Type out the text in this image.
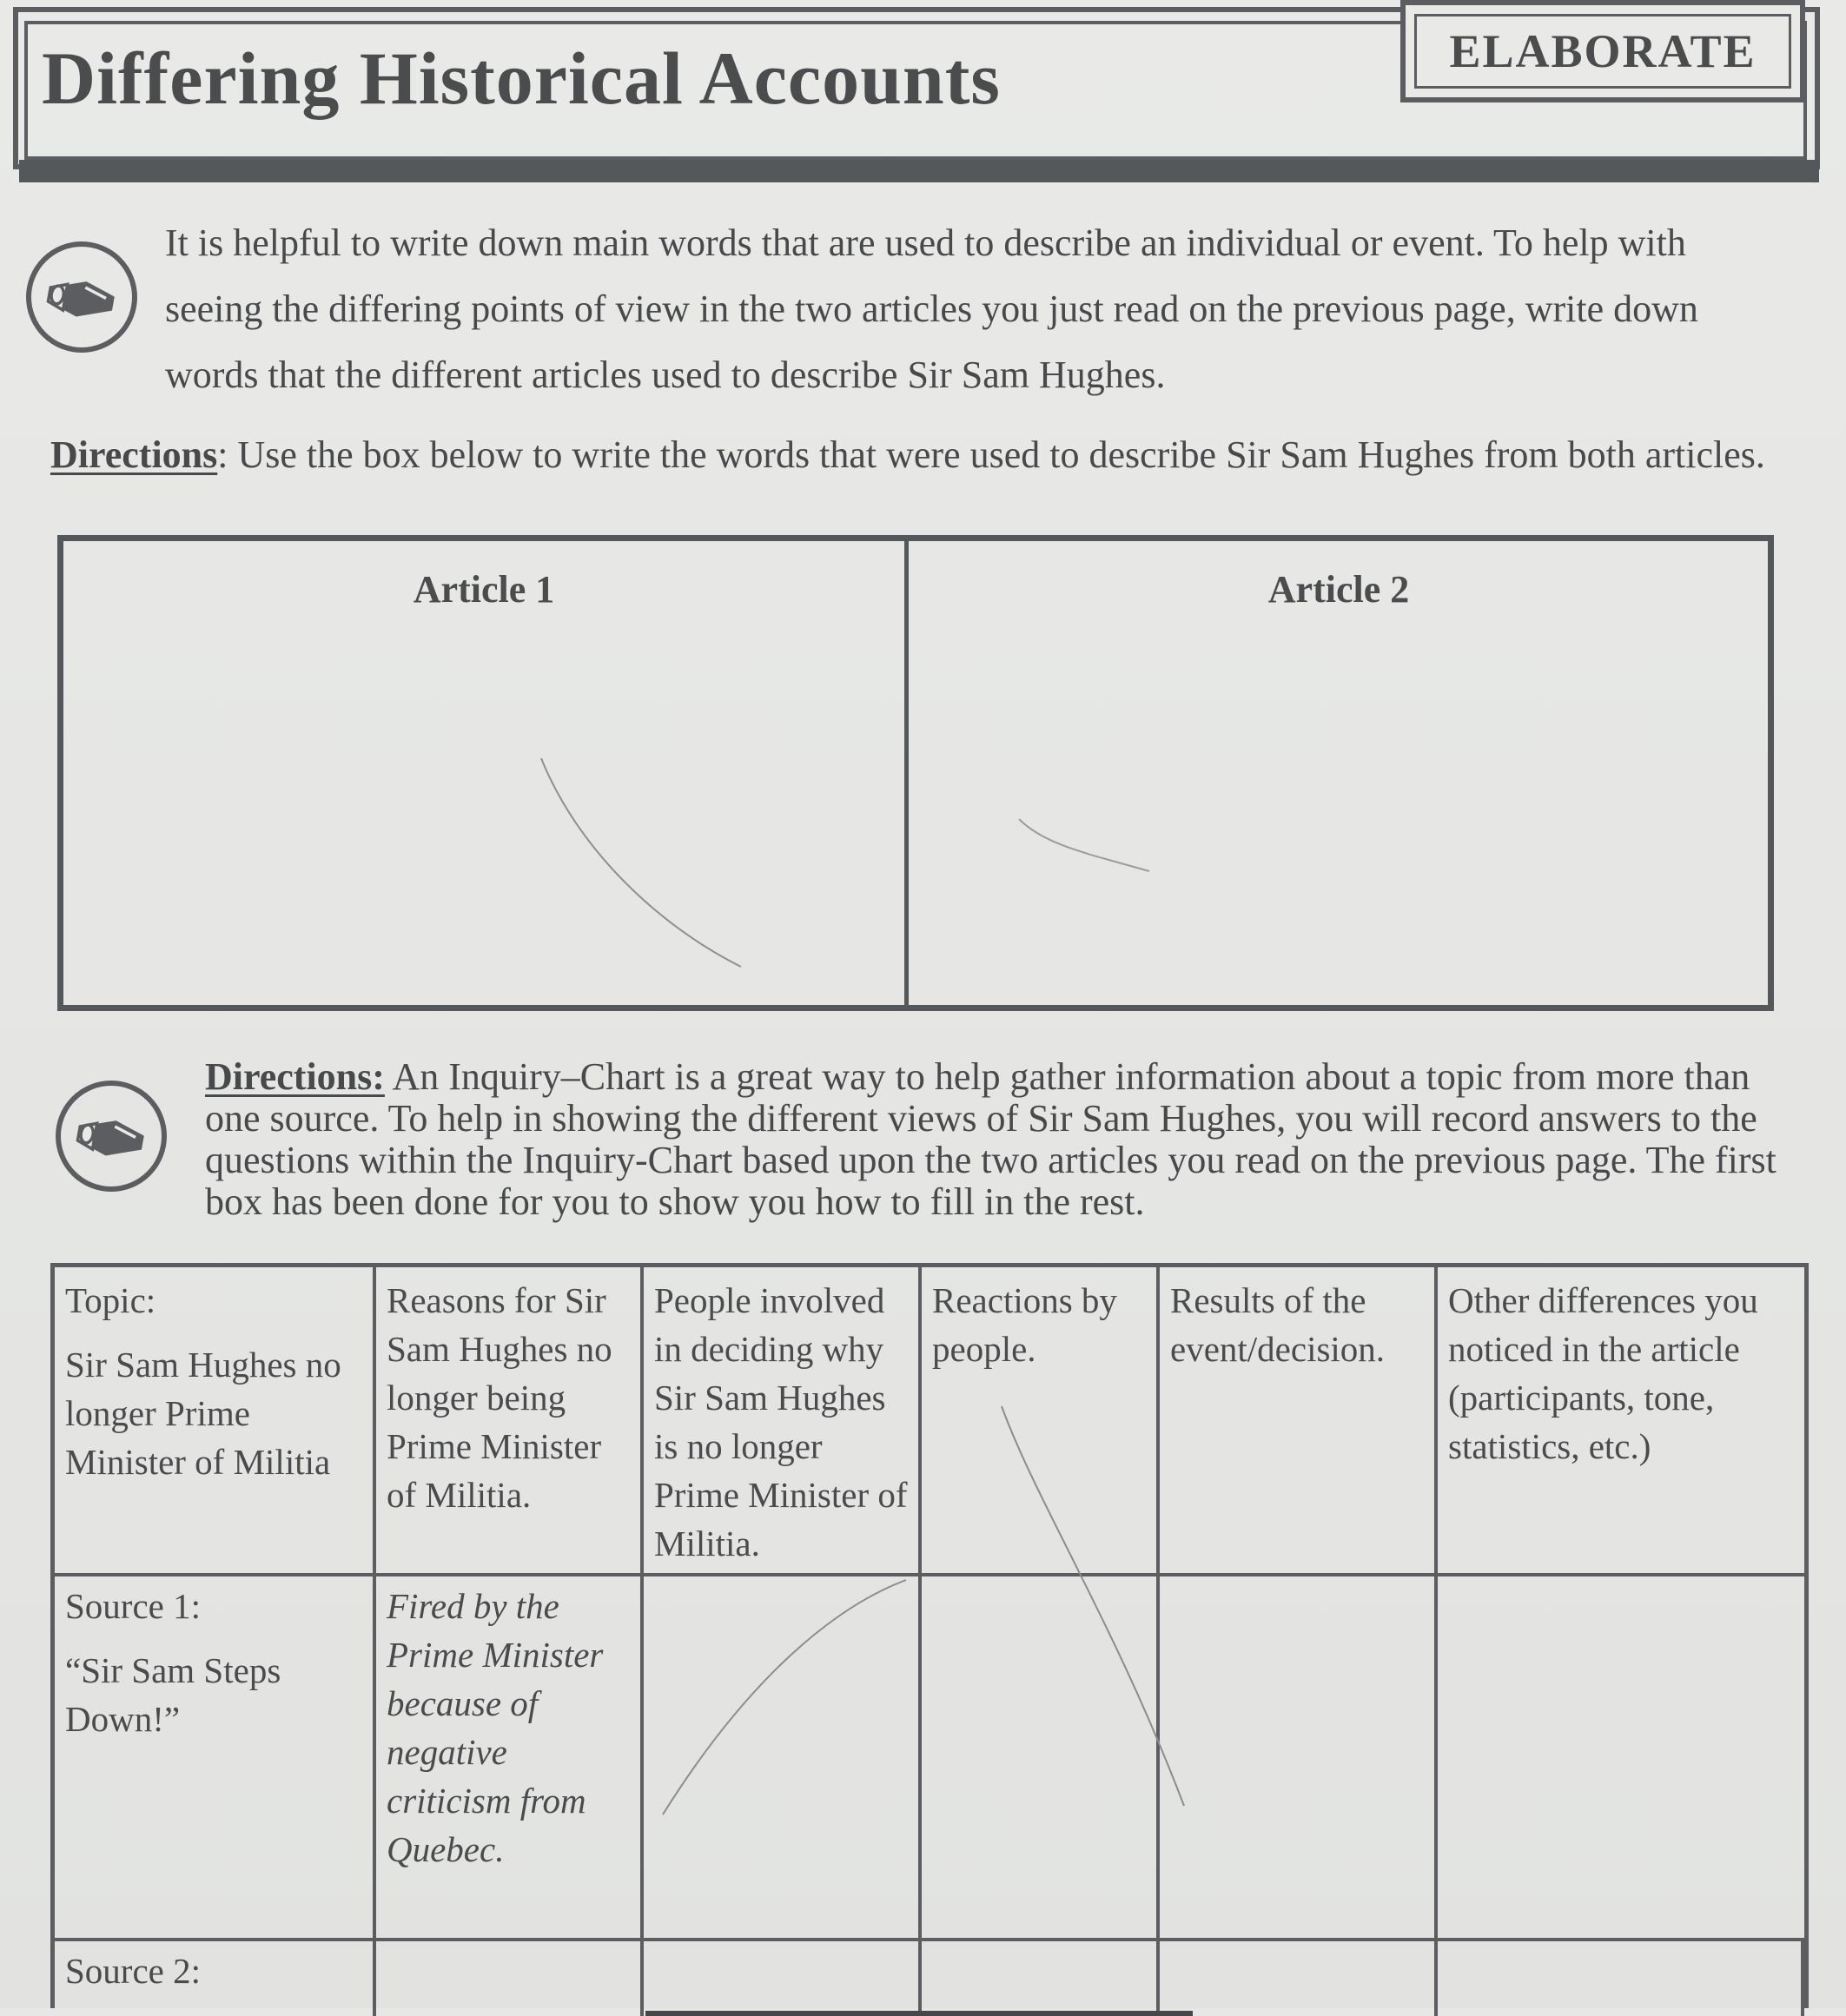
Differing Historical Accounts	ELABORATE
It is helpful to write down main words that are used to describe an individual or event. To help with seeing the differing points of view in the two articles you just read on the previous page, write down words that the different articles used to describe Sir Sam Hughes.
Directions: Use the box below to write the words that were used to describe Sir Sam Hughes from both articles.
Article 1	Article 2
Directions: An Inquiry–Chart is a great way to help gather information about a topic from more than one source. To help in showing the different views of Sir Sam Hughes, you will record answers to the questions within the Inquiry-Chart based upon the two articles you read on the previous page. The first box has been done for you to show you how to fill in the rest.
Topic:
Sir Sam Hughes no longer Prime Minister of Militia
Reasons for Sir Sam Hughes no longer being Prime Minister of Militia.
People involved in deciding why Sir Sam Hughes is no longer Prime Minister of Militia.
Reactions by people.
Results of the event/decision.
Other differences you noticed in the article (participants, tone, statistics, etc.)
Source 1:
“Sir Sam Steps Down!”
Fired by the Prime Minister because of negative criticism from Quebec.
Source 2:
